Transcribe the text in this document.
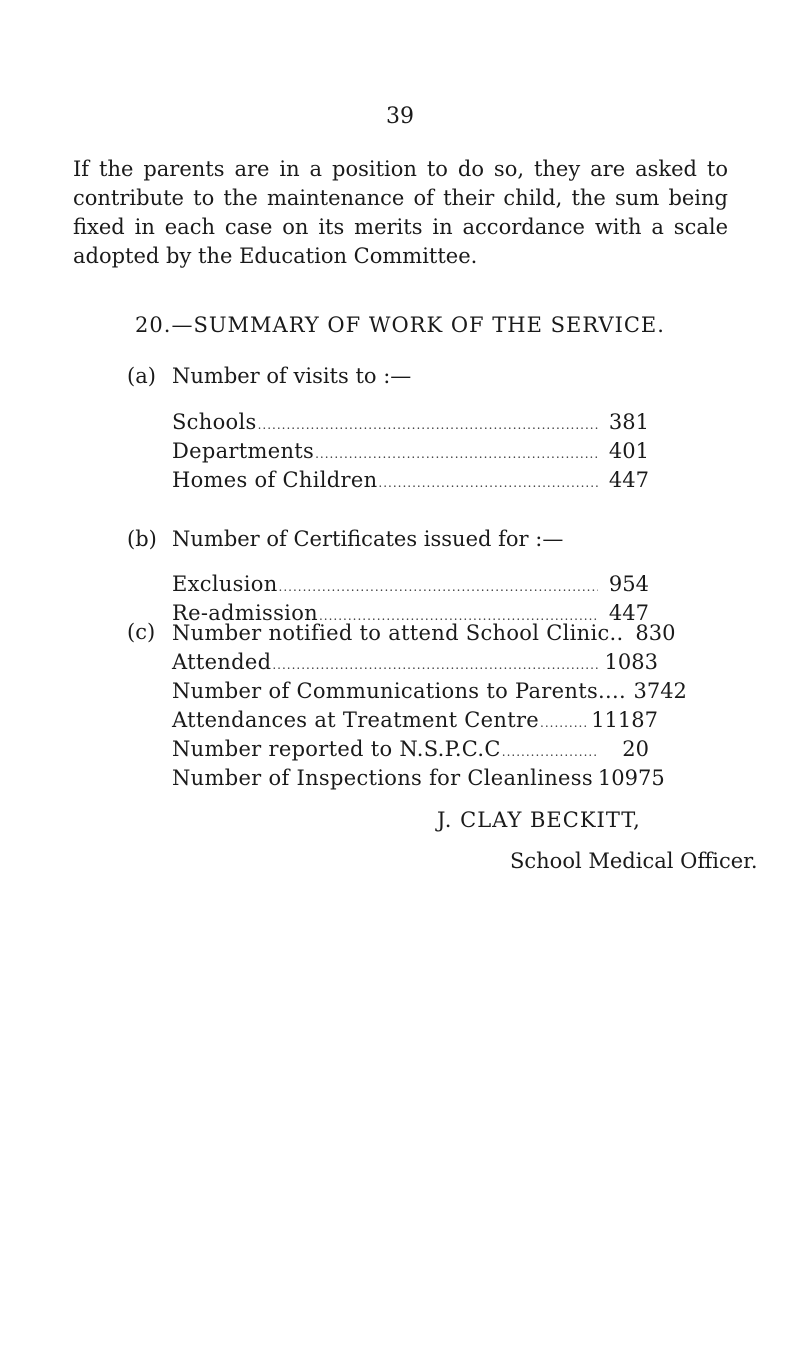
39

If the parents are in a position to do so, they are asked to contribute to the maintenance of their child, the sum being fixed in each case on its merits in accordance with a scale adopted by the Education Committee.

20.—SUMMARY OF WORK OF THE SERVICE.
(a) Number of visits to :—
Schools .....	381
Departments .....	401
Homes of Children .....	447
(b) Number of Certificates issued for :—
Exclusion .....	954
Re-admission .....	447
(c) Number notified to attend School Clinic.. 830
Attended .....	1083
Number of Communications to Parents.... 3742
Attendances at Treatment Centre ..... 11187
Number reported to N.S.P.C.C .....	20
Number of Inspections for Cleanliness 10975
J. CLAY BECKITT,
School Medical Officer.
